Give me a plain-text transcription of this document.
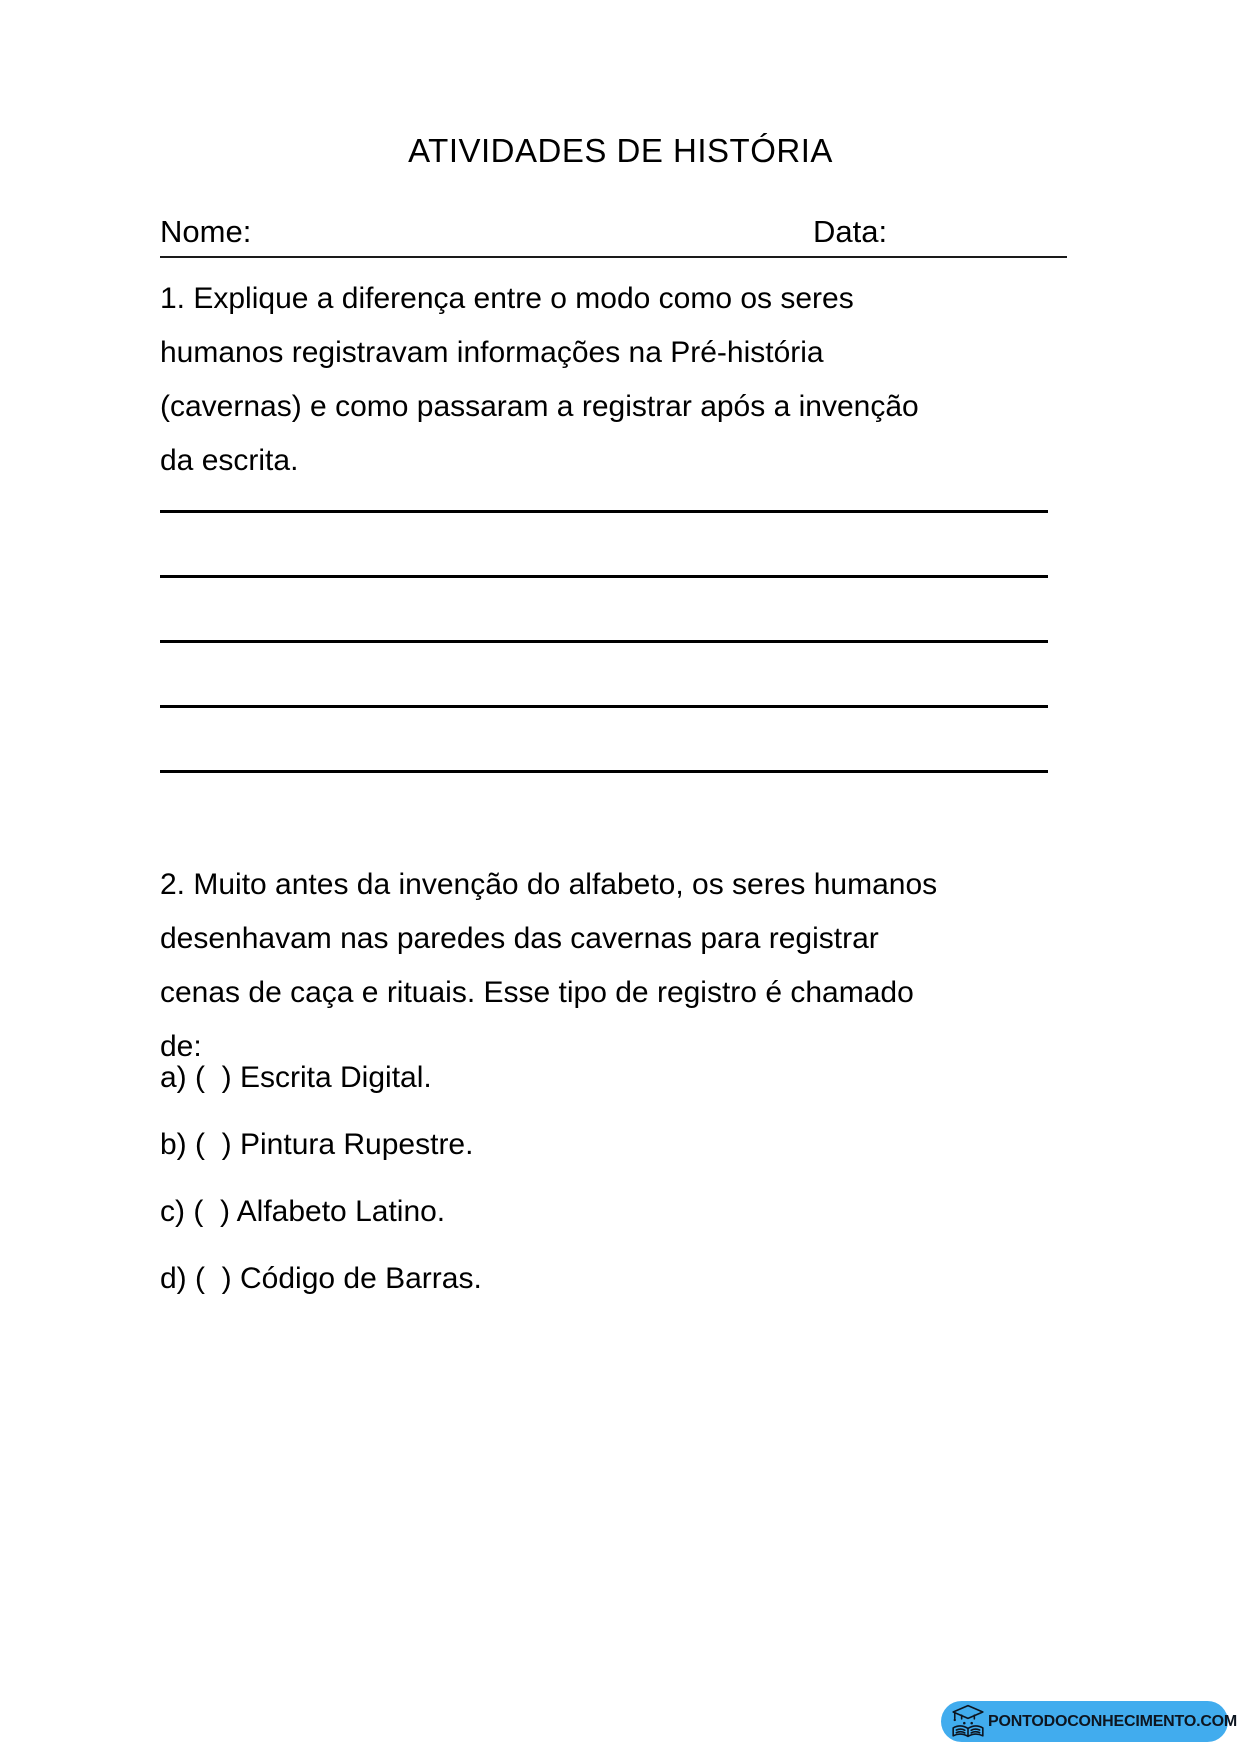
ATIVIDADES DE HISTÓRIA
Nome:	Data:
1. Explique a diferença entre o modo como os seres
humanos registravam informações na Pré-história
(cavernas) e como passaram a registrar após a invenção
da escrita.
2. Muito antes da invenção do alfabeto, os seres humanos
desenhavam nas paredes das cavernas para registrar
cenas de caça e rituais. Esse tipo de registro é chamado
de:
a) (  ) Escrita Digital.
b) (  ) Pintura Rupestre.
c) (  ) Alfabeto Latino.
d) (  ) Código de Barras.
PONTODOCONHECIMENTO.COM
